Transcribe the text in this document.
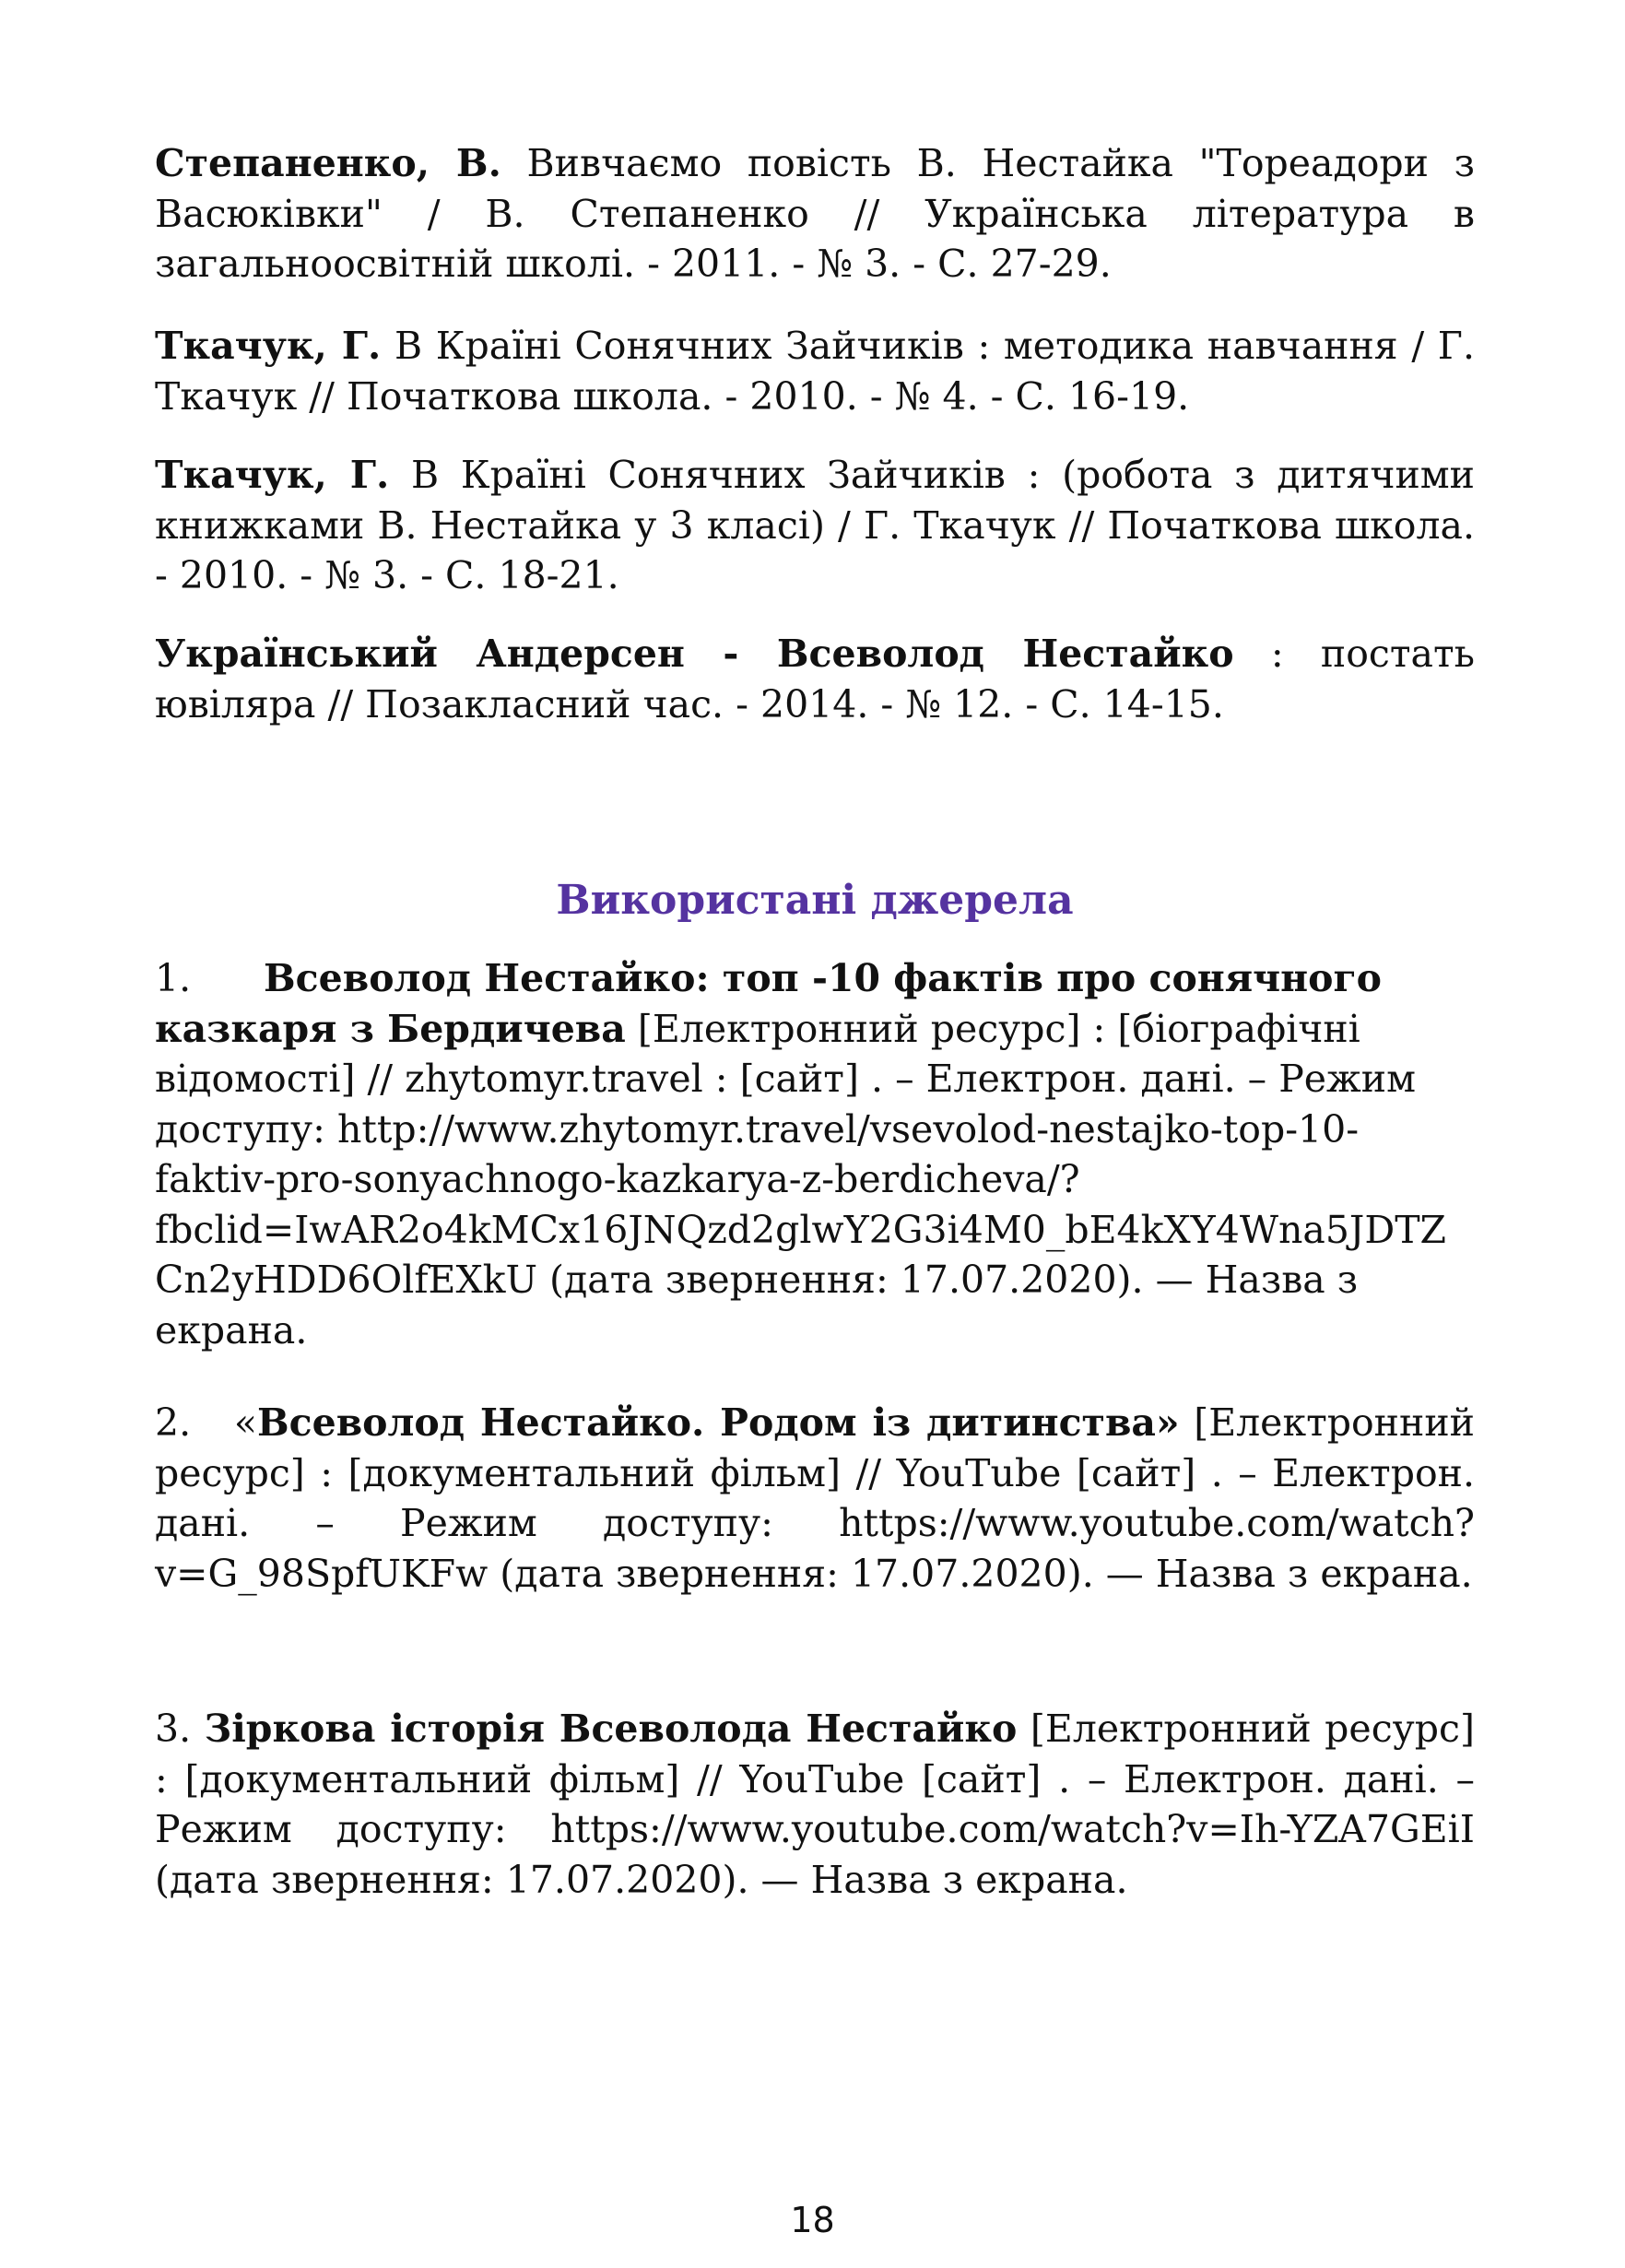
Степаненко, В. Вивчаємо повість В. Нестайка "Тореадори з Васюківки" / В. Степаненко // Українська література в загальноосвітній школі. - 2011. - № 3. - С. 27-29.

Ткачук, Г. В Країні Сонячних Зайчиків : методика навчання / Г. Ткачук // Початкова школа. - 2010. - № 4. - С. 16-19.

Ткачук, Г. В Країні Сонячних Зайчиків : (робота з дитячими книжками В. Нестайка у 3 класі) / Г. Ткачук // Початкова школа. - 2010. - № 3. - С. 18-21.

Український Андерсен - Всеволод Нестайко : постать ювіляра // Позакласний час. - 2014. - № 12. - С. 14-15.

Використані джерела

1. Всеволод Нестайко: топ -10 фактів про сонячного казкаря з Бердичева [Електронний ресурс] : [біографічні відомості] // zhytomyr.travel : [сайт] . – Електрон. дані. – Режим доступу: http://www.zhytomyr.travel/vsevolod-nestajko-top-10-faktiv-pro-sonyachnogo-kazkarya-z-berdicheva/?fbclid=IwAR2o4kMCx16JNQzd2glwY2G3i4M0_bE4kXY4Wna5JDTZCn2yHDD6OlfEXkU (дата звернення: 17.07.2020). — Назва з екрана.

2. «Всеволод Нестайко. Родом із дитинства» [Електронний ресурс] : [документальний фільм] // YouTube [сайт] . – Електрон. дані. – Режим доступу: https://www.youtube.com/watch?v=G_98SpfUKFw (дата звернення: 17.07.2020). — Назва з екрана.

3. Зіркова історія Всеволода Нестайко [Електронний ресурс] : [документальний фільм] // YouTube [сайт] . – Електрон. дані. – Режим доступу: https://www.youtube.com/watch?v=Ih-YZA7GEiI (дата звернення: 17.07.2020). — Назва з екрана.

18
